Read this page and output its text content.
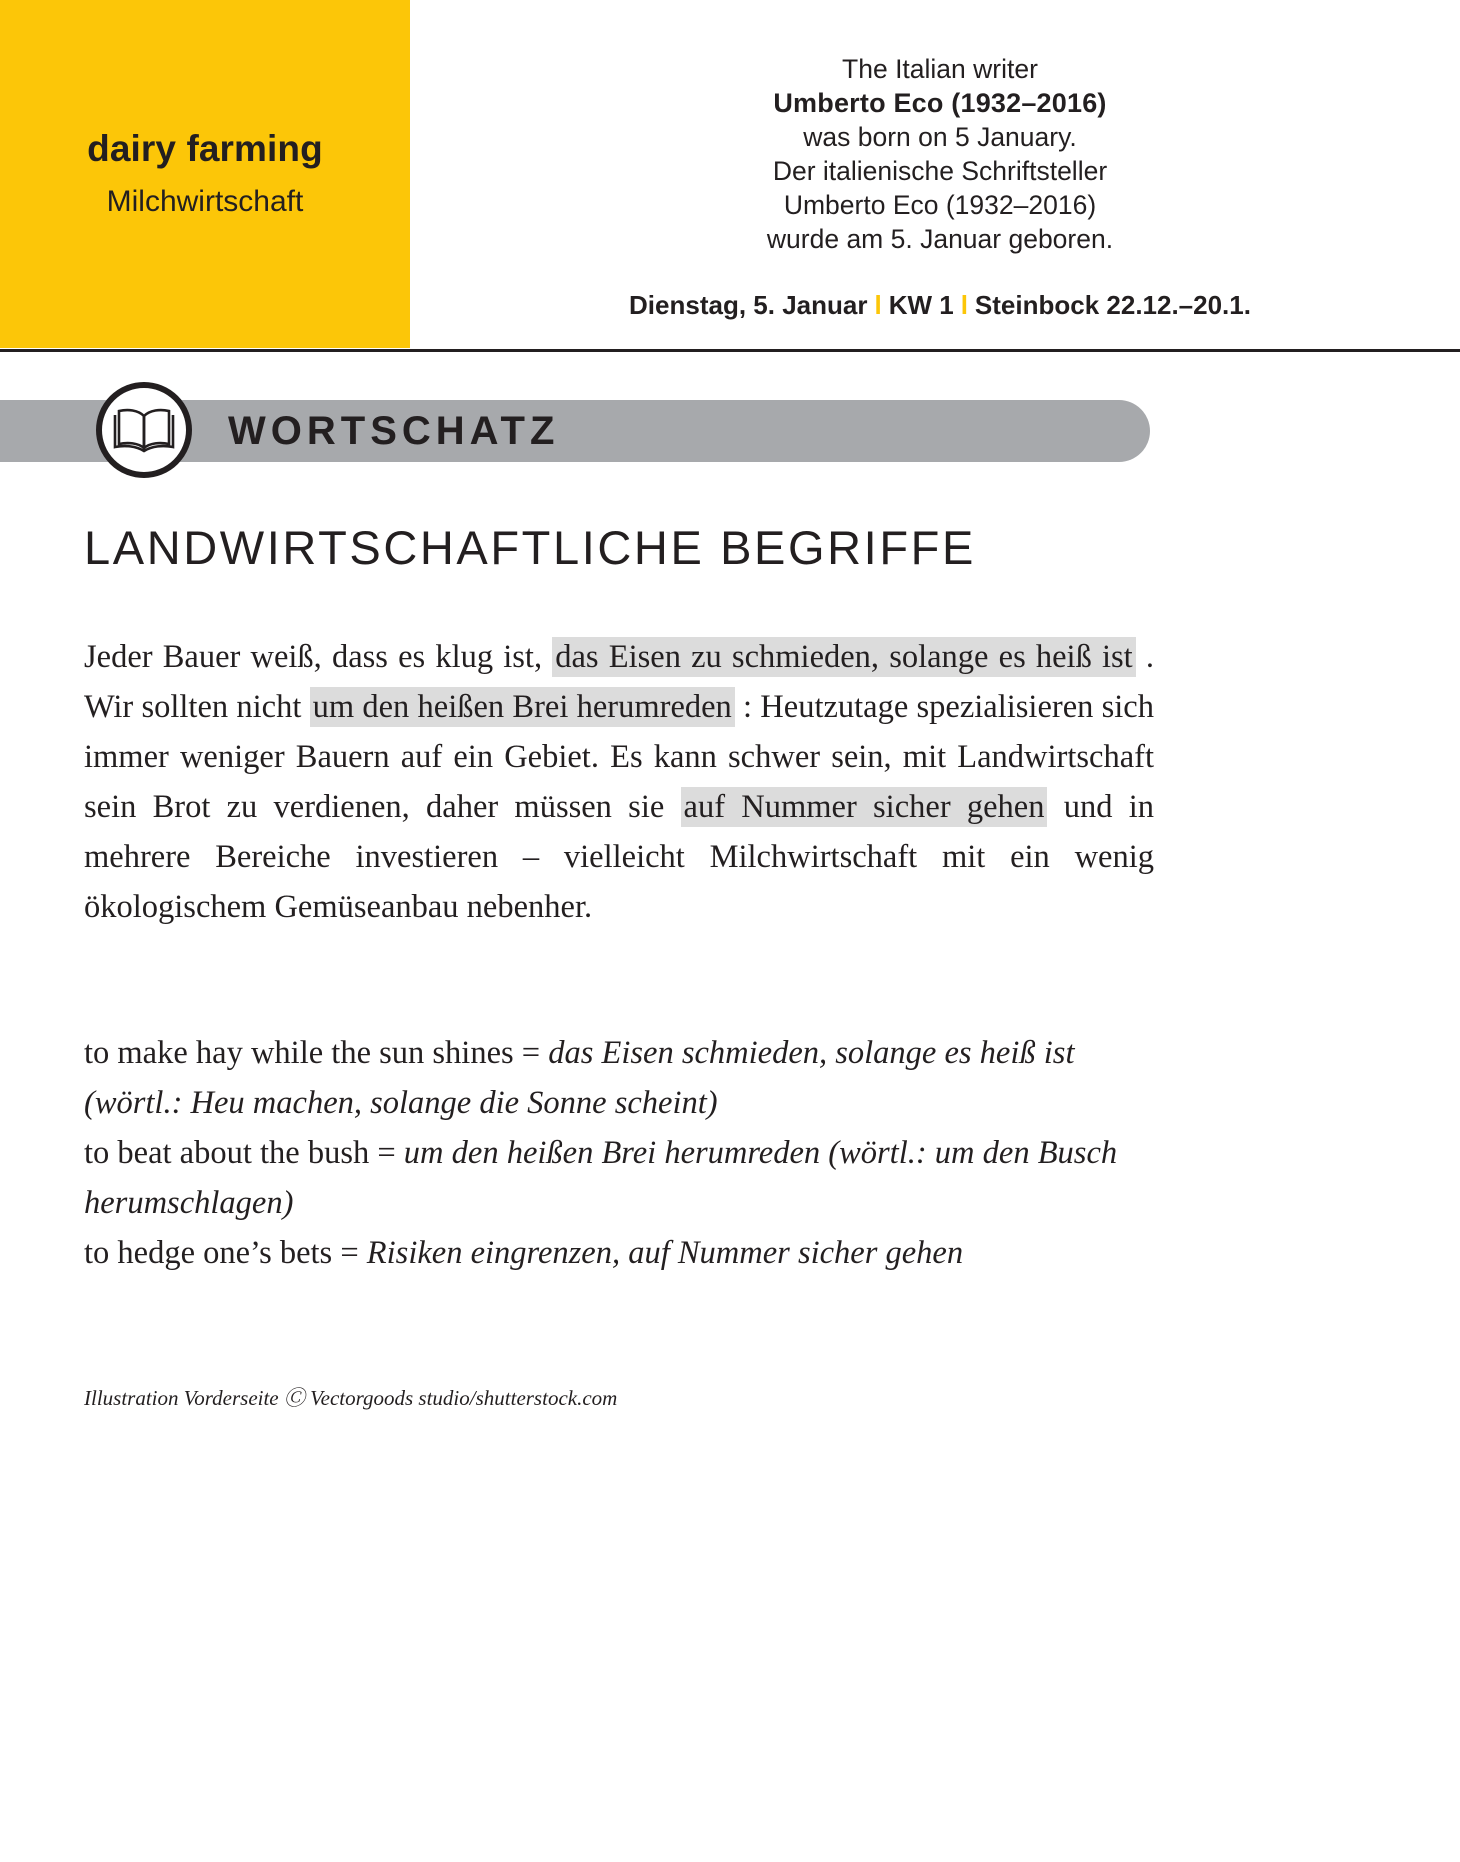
dairy farming
Milchwirtschaft
The Italian writer
Umberto Eco (1932–2016)
was born on 5 January.
Der italienische Schriftsteller
Umberto Eco (1932–2016)
wurde am 5. Januar geboren.
Dienstag, 5. Januar l KW 1 l Steinbock 22.12.–20.1.
WORTSCHATZ
LANDWIRTSCHAFTLICHE BEGRIFFE

Jeder Bauer weiß, dass es klug ist, das Eisen zu schmieden, solange es heiß ist . Wir sollten nicht um den heißen Brei herumreden : Heutzutage spezialisieren sich immer weniger Bauern auf ein Gebiet. Es kann schwer sein, mit Landwirtschaft sein Brot zu verdienen, daher müssen sie auf Nummer sicher gehen und in mehrere Bereiche investieren – vielleicht Milchwirtschaft mit ein wenig ökologischem Gemüseanbau nebenher.

to make hay while the sun shines = das Eisen schmieden, solange es heiß ist (wörtl.: Heu machen, solange die Sonne scheint)

to beat about the bush = um den heißen Brei herumreden (wörtl.: um den Busch herumschlagen)

to hedge one’s bets = Risiken eingrenzen, auf Nummer sicher gehen

Illustration Vorderseite Ⓒ Vectorgoods studio/shutterstock.com
